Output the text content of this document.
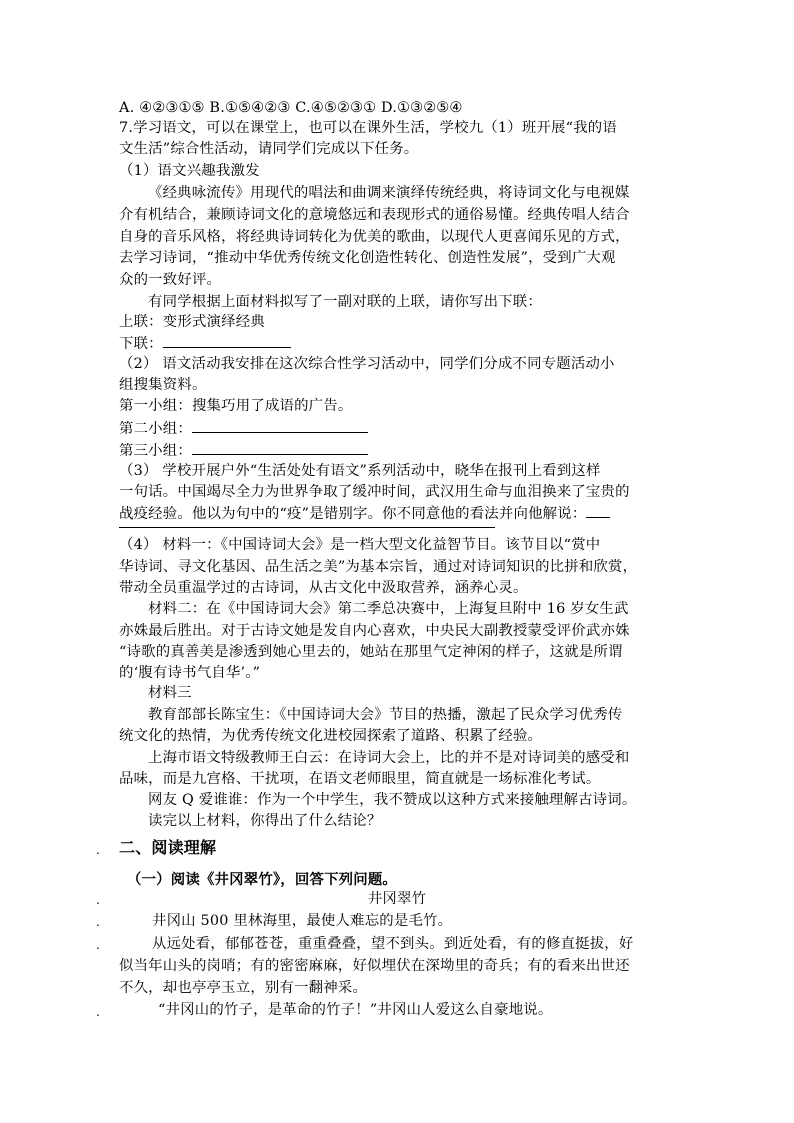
A. ④②③①⑤ B.①⑤④②③ C.④⑤②③① D.①③②⑤④
7.学习语文，可以在课堂上，也可以在课外生活，学校九（1）班开展“我的语
文生活”综合性活动，请同学们完成以下任务。
（1）语文兴趣我激发
《经典咏流传》用现代的唱法和曲调来演绎传统经典，将诗词文化与电视媒
介有机结合，兼顾诗词文化的意境悠远和表现形式的通俗易懂。经典传唱人结合
自身的音乐风格，将经典诗词转化为优美的歌曲，以现代人更喜闻乐见的方式，
去学习诗词，“推动中华优秀传统文化创造性转化、创造性发展”，受到广大观
众的一致好评。
有同学根据上面材料拟写了一副对联的上联，请你写出下联：
上联：变形式演绎经典
下联：
（2） 语文活动我安排在这次综合性学习活动中，同学们分成不同专题活动小
组搜集资料。
第一小组：搜集巧用了成语的广告。
第二小组：
第三小组：
（3） 学校开展户外“生活处处有语文”系列活动中，晓华在报刊上看到这样
一句话。中国竭尽全力为世界争取了缓冲时间，武汉用生命与血泪换来了宝贵的
战疫经验。他以为句中的“疫”是错别字。你不同意他的看法并向他解说：
（4） 材料一：《中国诗词大会》是一档大型文化益智节目。该节目以“赏中
华诗词、寻文化基因、品生活之美”为基本宗旨，通过对诗词知识的比拼和欣赏，
带动全员重温学过的古诗词，从古文化中汲取营养，涵养心灵。
材料二：在《中国诗词大会》第二季总决赛中，上海复旦附中 16 岁女生武
亦姝最后胜出。对于古诗文她是发自内心喜欢，中央民大副教授蒙受评价武亦姝
“诗歌的真善美是渗透到她心里去的，她站在那里气定神闲的样子，这就是所谓
的‘腹有诗书气自华’。”
材料三
教育部部长陈宝生：《中国诗词大会》节目的热播，激起了民众学习优秀传
统文化的热情，为优秀传统文化进校园探索了道路、积累了经验。
上海市语文特级教师王白云：在诗词大会上，比的并不是对诗词美的感受和
品味，而是九宫格、干扰项，在语文老师眼里，简直就是一场标准化考试。
网友 Q 爱谁谁：作为一个中学生，我不赞成以这种方式来接触理解古诗词。
读完以上材料，你得出了什么结论？
. 二、阅读理解
（一）阅读《井冈翠竹》，回答下列问题。
.	井冈翠竹
.	井冈山 500 里林海里，最使人难忘的是毛竹。
.	从远处看，郁郁苍苍，重重叠叠，望不到头。到近处看，有的修直挺拔，好
似当年山头的岗哨；有的密密麻麻，好似埋伏在深坳里的奇兵；有的看来出世还
不久，却也亭亭玉立，别有一翻神采。
.	“井冈山的竹子，是革命的竹子！”井冈山人爱这么自豪地说。
